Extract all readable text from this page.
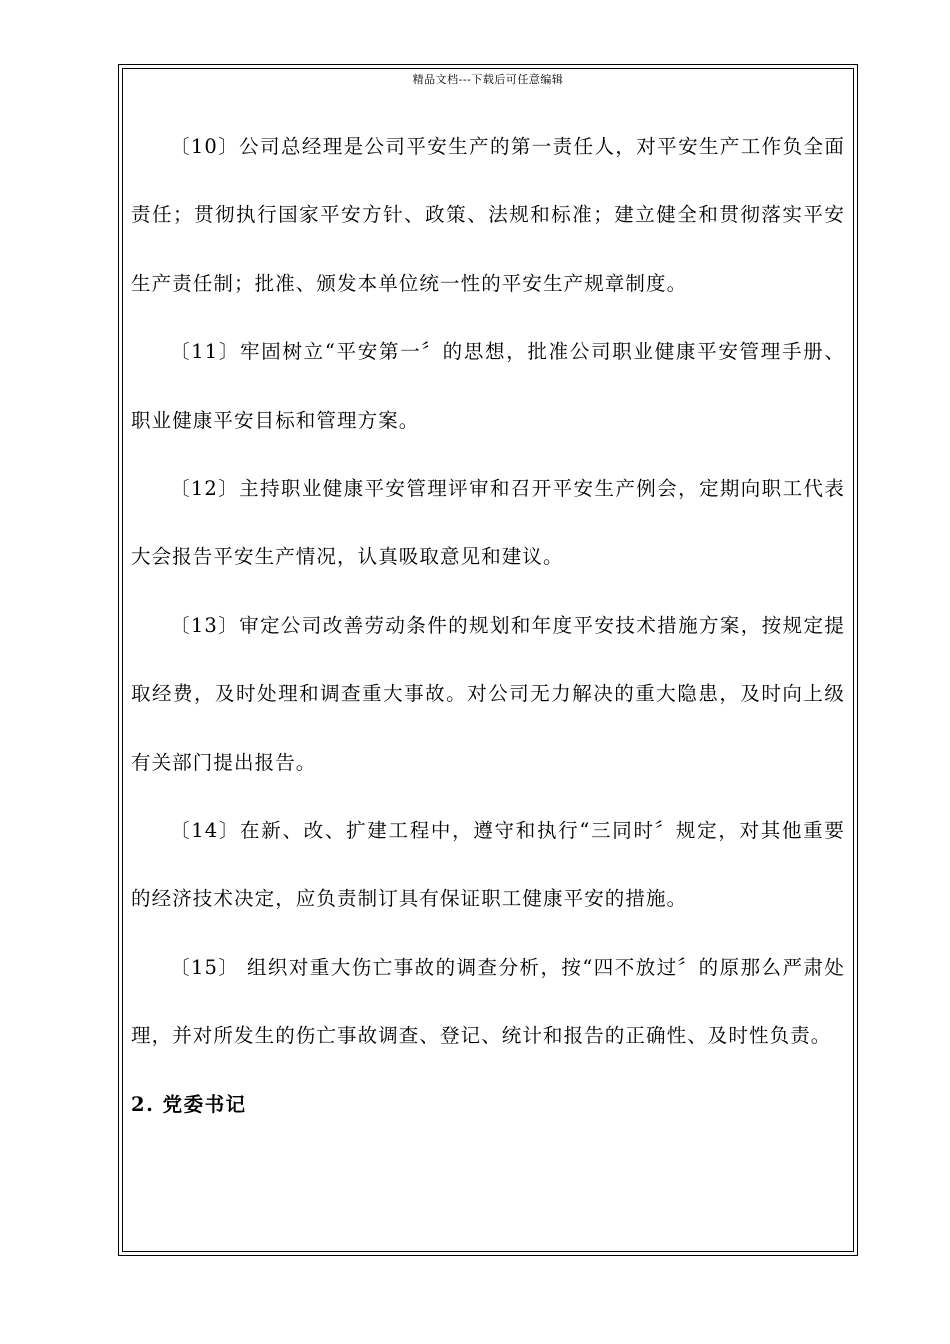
精品文档---下载后可任意编辑

〔10〕公司总经理是公司平安生产的第一责任人，对平安生产工作负全面责任；贯彻执行国家平安方针、政策、法规和标准；建立健全和贯彻落实平安生产责任制；批准、颁发本单位统一性的平安生产规章制度。

〔11〕牢固树立“平安第一〞的思想，批准公司职业健康平安管理手册、职业健康平安目标和管理方案。

〔12〕主持职业健康平安管理评审和召开平安生产例会，定期向职工代表大会报告平安生产情况，认真吸取意见和建议。

〔13〕审定公司改善劳动条件的规划和年度平安技术措施方案，按规定提取经费，及时处理和调查重大事故。对公司无力解决的重大隐患，及时向上级有关部门提出报告。

〔14〕在新、改、扩建工程中，遵守和执行“三同时〞规定，对其他重要的经济技术决定，应负责制订具有保证职工健康平安的措施。

〔15〕 组织对重大伤亡事故的调查分析，按“四不放过〞的原那么严肃处理，并对所发生的伤亡事故调查、登记、统计和报告的正确性、及时性负责。

2. 党委书记
